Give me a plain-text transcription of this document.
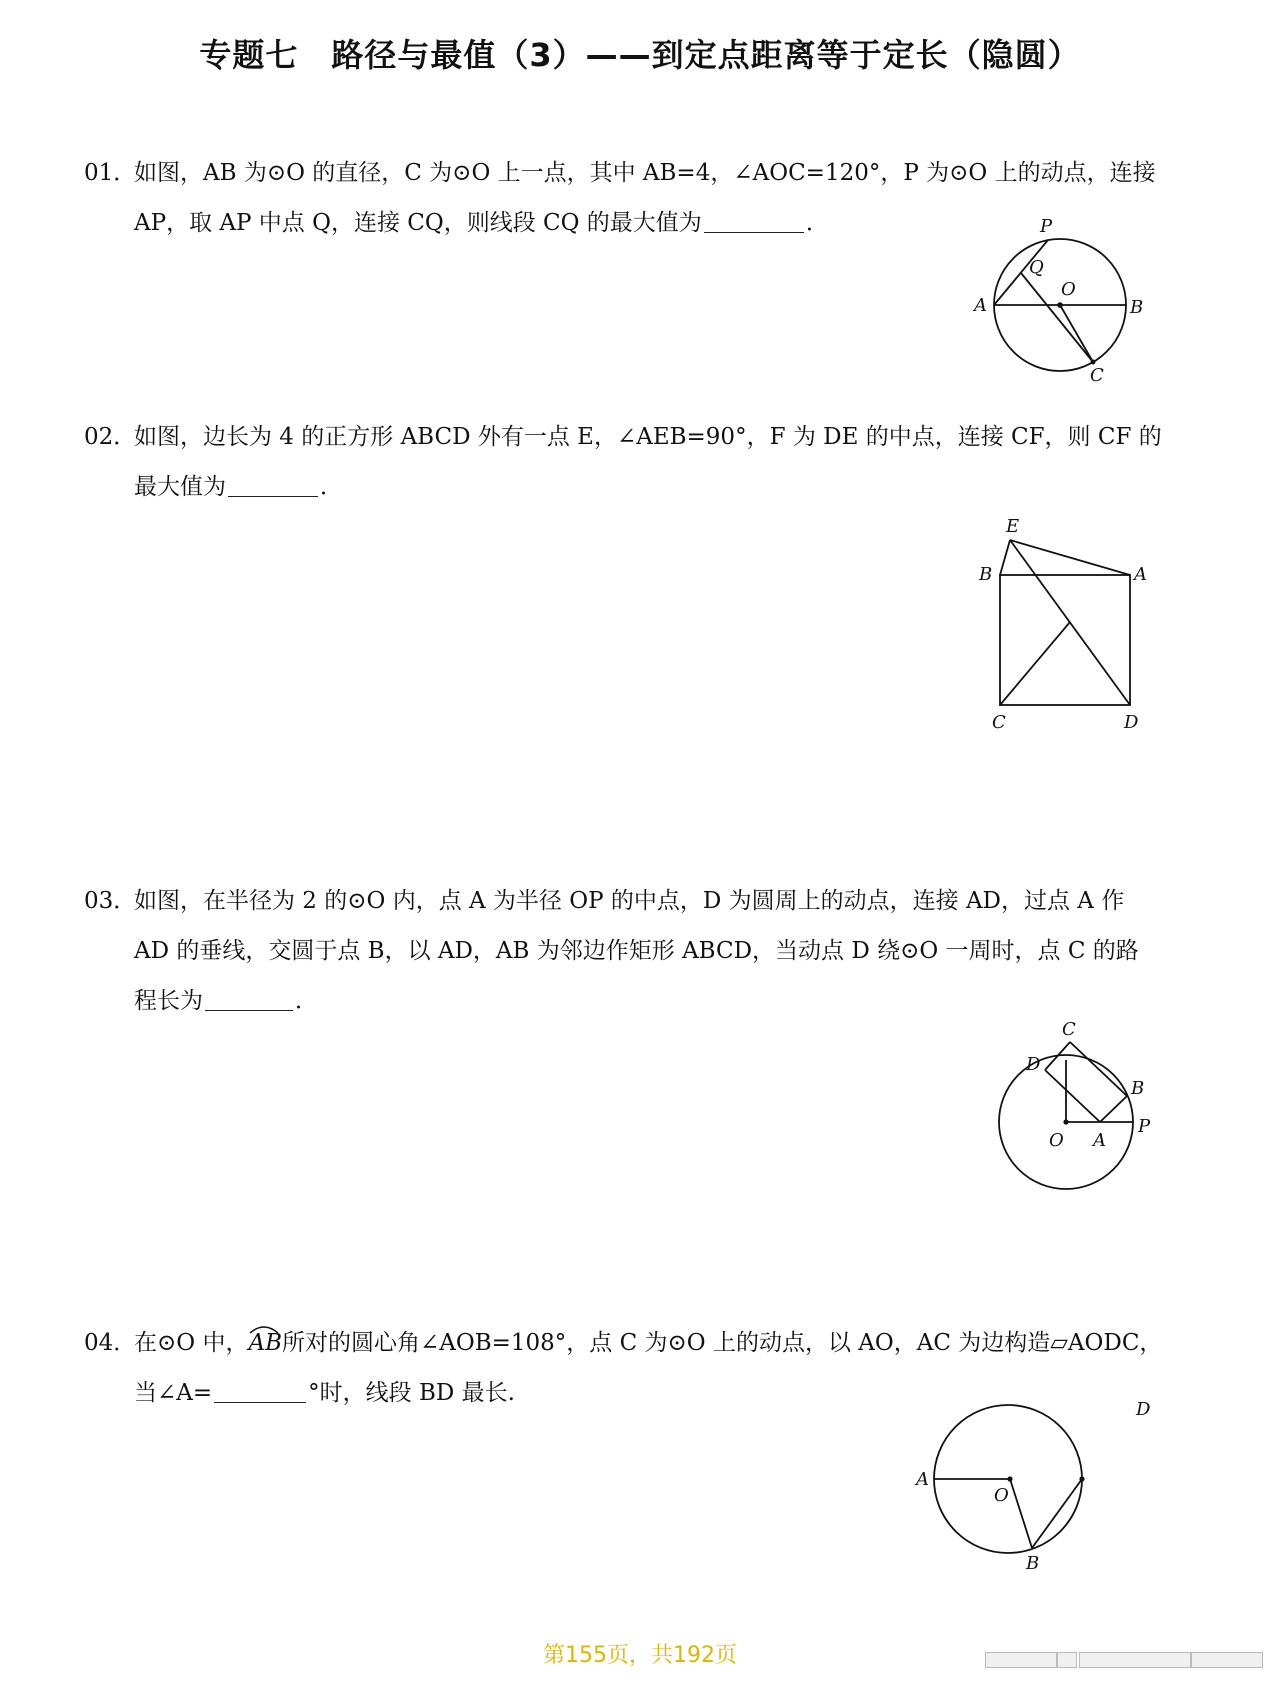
专题七　路径与最值（3）——到定点距离等于定长（隐圆）
01．如图，AB 为⊙O 的直径，C 为⊙O 上一点，其中 AB=4，∠AOC=120°，P 为⊙O 上的动点，连接
AP，取 AP 中点 Q，连接 CQ，则线段 CQ 的最大值为	．	P
Q
O
A	B
C
02．如图，边长为 4 的正方形 ABCD 外有一点 E，∠AEB=90°，F 为 DE 的中点，连接 CF，则 CF 的
最大值为	．
E
B	A
C	D
03．如图，在半径为 2 的⊙O 内，点 A 为半径 OP 的中点，D 为圆周上的动点，连接 AD，过点 A 作
AD 的垂线，交圆于点 B，以 AD，AB 为邻边作矩形 ABCD，当动点 D 绕⊙O 一周时，点 C 的路
程长为	．
C
D
B
O A
P
04．在⊙O 中，
AB所对的圆心角∠AOB=108°，点 C 为⊙O 上的动点，以 AO，AC 为边构造▱AODC，
当∠A=	°时，线段 BD 最长.
D
A
O
B
第155页，共192页
